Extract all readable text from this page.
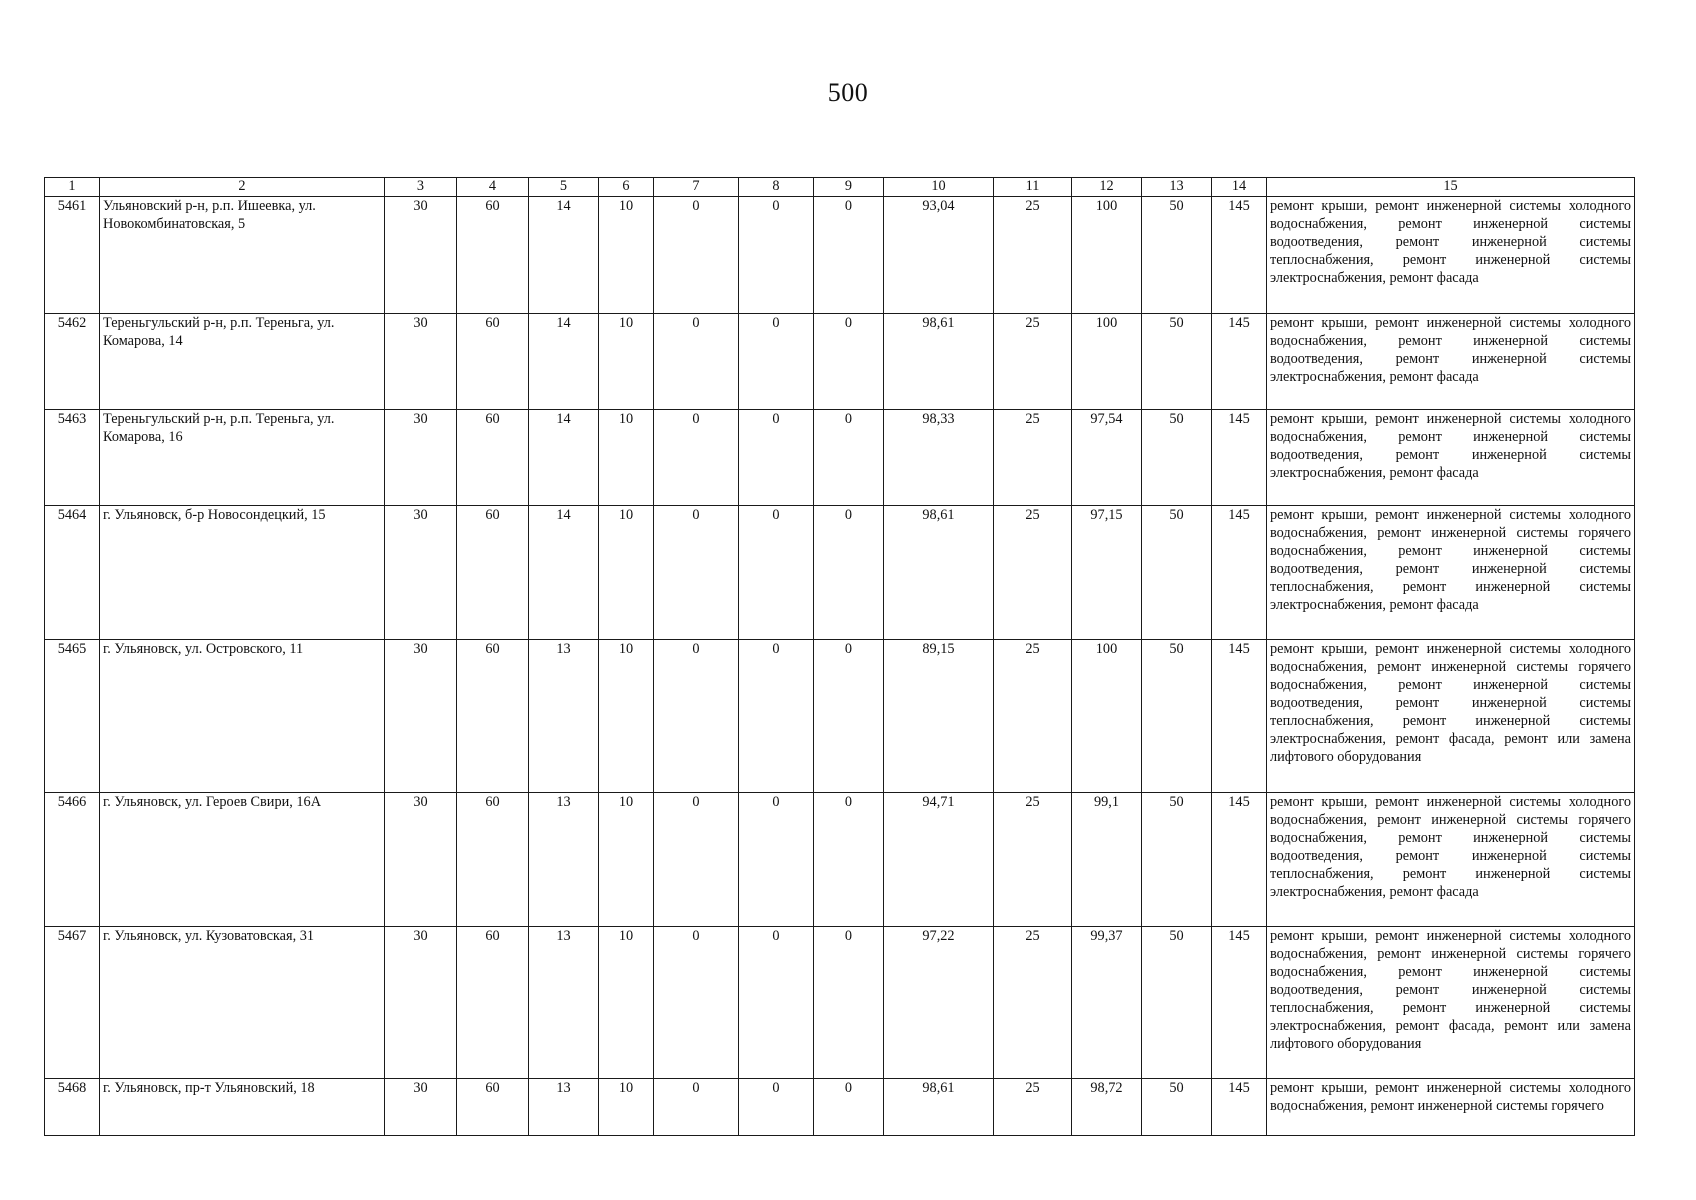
500
1	2	3	4	5	6	7	8	9	10	11	12	13	14	15
5461	Ульяновский р-н, р.п. Ишеевка, ул. Новокомбинатовская, 5	30	60	14	10	0	0	0	93,04	25	100	50	145	ремонт крыши, ремонт инженерной системы холодного водоснабжения, ремонт инженерной системы водоотведения, ремонт инженерной системы теплоснабжения, ремонт инженерной системы электроснабжения, ремонт фасада
5462	Тереньгульский р-н, р.п. Тереньга, ул. Комарова, 14	30	60	14	10	0	0	0	98,61	25	100	50	145	ремонт крыши, ремонт инженерной системы холодного водоснабжения, ремонт инженерной системы водоотведения, ремонт инженерной системы электроснабжения, ремонт фасада
5463	Тереньгульский р-н, р.п. Тереньга, ул. Комарова, 16	30	60	14	10	0	0	0	98,33	25	97,54	50	145	ремонт крыши, ремонт инженерной системы холодного водоснабжения, ремонт инженерной системы водоотведения, ремонт инженерной системы электроснабжения, ремонт фасада
5464	г. Ульяновск, б-р Новосондецкий, 15	30	60	14	10	0	0	0	98,61	25	97,15	50	145	ремонт крыши, ремонт инженерной системы холодного водоснабжения, ремонт инженерной системы горячего водоснабжения, ремонт инженерной системы водоотведения, ремонт инженерной системы теплоснабжения, ремонт инженерной системы электроснабжения, ремонт фасада
5465	г. Ульяновск, ул. Островского, 11	30	60	13	10	0	0	0	89,15	25	100	50	145	ремонт крыши, ремонт инженерной системы холодного водоснабжения, ремонт инженерной системы горячего водоснабжения, ремонт инженерной системы водоотведения, ремонт инженерной системы теплоснабжения, ремонт инженерной системы электроснабжения, ремонт фасада, ремонт или замена лифтового оборудования
5466	г. Ульяновск, ул. Героев Свири, 16А	30	60	13	10	0	0	0	94,71	25	99,1	50	145	ремонт крыши, ремонт инженерной системы холодного водоснабжения, ремонт инженерной системы горячего водоснабжения, ремонт инженерной системы водоотведения, ремонт инженерной системы теплоснабжения, ремонт инженерной системы электроснабжения, ремонт фасада
5467	г. Ульяновск, ул. Кузоватовская, 31	30	60	13	10	0	0	0	97,22	25	99,37	50	145	ремонт крыши, ремонт инженерной системы холодного водоснабжения, ремонт инженерной системы горячего водоснабжения, ремонт инженерной системы водоотведения, ремонт инженерной системы теплоснабжения, ремонт инженерной системы электроснабжения, ремонт фасада, ремонт или замена лифтового оборудования
5468	г. Ульяновск, пр-т Ульяновский, 18	30	60	13	10	0	0	0	98,61	25	98,72	50	145	ремонт крыши, ремонт инженерной системы холодного водоснабжения, ремонт инженерной системы горячего
